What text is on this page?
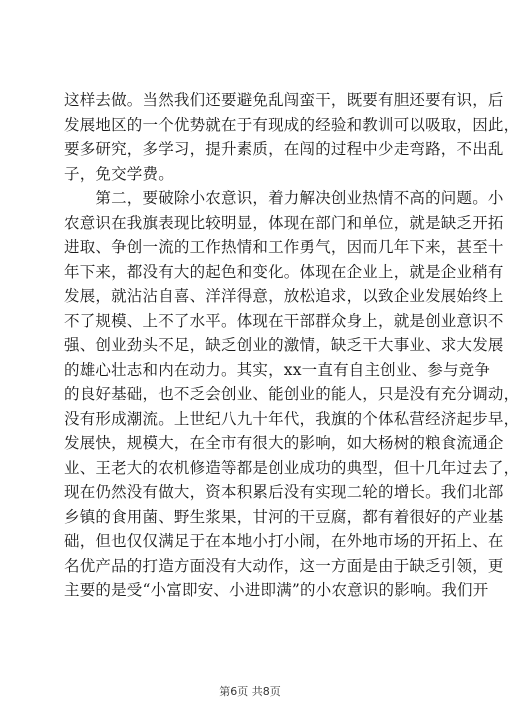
这样去做。当然我们还要避免乱闯蛮干，既要有胆还要有识，后
发展地区的一个优势就在于有现成的经验和教训可以吸取，因此，
要多研究，多学习，提升素质，在闯的过程中少走弯路，不出乱
子，免交学费。
　　第二，要破除小农意识，着力解决创业热情不高的问题。小
农意识在我旗表现比较明显，体现在部门和单位，就是缺乏开拓
进取、争创一流的工作热情和工作勇气，因而几年下来，甚至十
年下来，都没有大的起色和变化。体现在企业上，就是企业稍有
发展，就沾沾自喜、洋洋得意，放松追求，以致企业发展始终上
不了规模、上不了水平。体现在干部群众身上，就是创业意识不
强、创业劲头不足，缺乏创业的激情，缺乏干大事业、求大发展
的雄心壮志和内在动力。其实，xx一直有自主创业、参与竞争
的良好基础，也不乏会创业、能创业的能人，只是没有充分调动，
没有形成潮流。上世纪八九十年代，我旗的个体私营经济起步早，
发展快，规模大，在全市有很大的影响，如大杨树的粮食流通企
业、王老大的农机修造等都是创业成功的典型，但十几年过去了，
现在仍然没有做大，资本积累后没有实现二轮的增长。我们北部
乡镇的食用菌、野生浆果，甘河的干豆腐，都有着很好的产业基
础，但也仅仅满足于在本地小打小闹，在外地市场的开拓上、在
名优产品的打造方面没有大动作，这一方面是由于缺乏引领，更
主要的是受“小富即安、小进即满”的小农意识的影响。我们开
第6页 共8页
